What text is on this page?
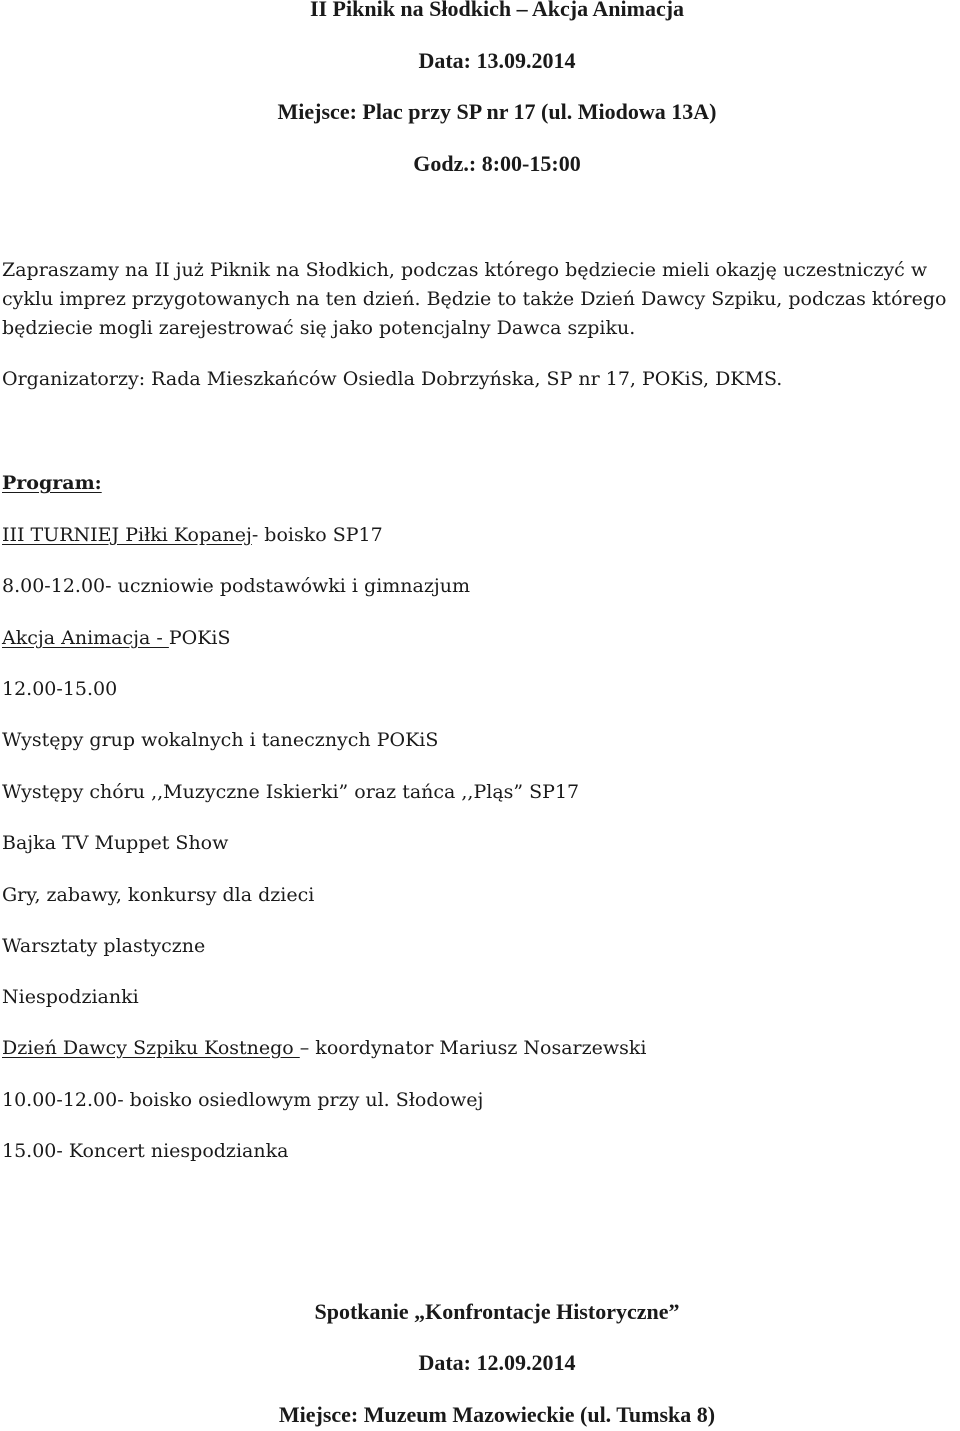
II Piknik na Słodkich – Akcja Animacja
Data: 13.09.2014
Miejsce: Plac przy SP nr 17 (ul. Miodowa 13A)
Godz.: 8:00-15:00

Zapraszamy na II już Piknik na Słodkich, podczas którego będziecie mieli okazję uczestniczyć w cyklu imprez przygotowanych na ten dzień. Będzie to także Dzień Dawcy Szpiku, podczas którego będziecie mogli zarejestrować się jako potencjalny Dawca szpiku.

Organizatorzy: Rada Mieszkańców Osiedla Dobrzyńska, SP nr 17, POKiS, DKMS.
Program:
III TURNIEJ Piłki Kopanej- boisko SP17
8.00-12.00- uczniowie podstawówki i gimnazjum
Akcja Animacja - POKiS
12.00-15.00
Występy grup wokalnych i tanecznych POKiS
Występy chóru ,,Muzyczne Iskierki” oraz tańca ,,Pląs” SP17
Bajka TV Muppet Show
Gry, zabawy, konkursy dla dzieci
Warsztaty plastyczne
Niespodzianki
Dzień Dawcy Szpiku Kostnego – koordynator Mariusz Nosarzewski
10.00-12.00- boisko osiedlowym przy ul. Słodowej
15.00- Koncert niespodzianka
Spotkanie „Konfrontacje Historyczne”
Data: 12.09.2014
Miejsce: Muzeum Mazowieckie (ul. Tumska 8)
